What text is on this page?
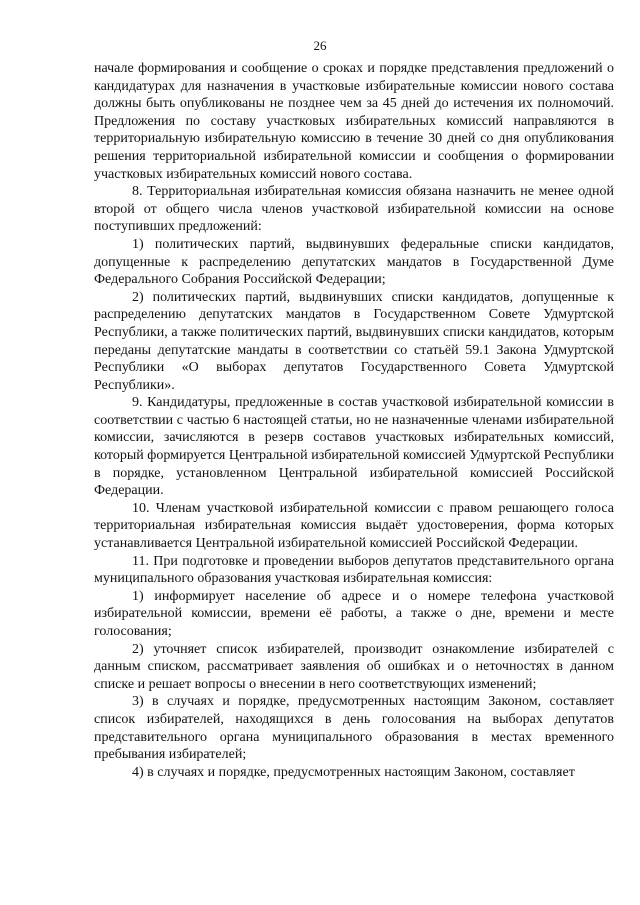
26

начале формирования и сообщение о сроках и порядке представления предложений о кандидатурах для назначения в участковые избирательные комиссии нового состава должны быть опубликованы не позднее чем за 45 дней до истечения их полномочий. Предложения по составу участковых избирательных комиссий направляются в территориальную избирательную комиссию в течение 30 дней со дня опубликования решения территориальной избирательной комиссии и сообщения о формировании участковых избирательных комиссий нового состава.

8. Территориальная избирательная комиссия обязана назначить не менее одной второй от общего числа членов участковой избирательной комиссии на основе поступивших предложений:

1) политических партий, выдвинувших федеральные списки кандидатов, допущенные к распределению депутатских мандатов в Государственной Думе Федерального Собрания Российской Федерации;

2) политических партий, выдвинувших списки кандидатов, допущенные к распределению депутатских мандатов в Государственном Совете Удмуртской Республики, а также политических партий, выдвинувших списки кандидатов, которым переданы депутатские мандаты в соответствии со статьёй 59.1 Закона Удмуртской Республики «О выборах депутатов Государственного Совета Удмуртской Республики».

9. Кандидатуры, предложенные в состав участковой избирательной комиссии в соответствии с частью 6 настоящей статьи, но не назначенные членами избирательной комиссии, зачисляются в резерв составов участковых избирательных комиссий, который формируется Центральной избирательной комиссией Удмуртской Республики в порядке, установленном Центральной избирательной комиссией Российской Федерации.

10. Членам участковой избирательной комиссии с правом решающего голоса территориальная избирательная комиссия выдаёт удостоверения, форма которых устанавливается Центральной избирательной комиссией Российской Федерации.

11. При подготовке и проведении выборов депутатов представительного органа муниципального образования участковая избирательная комиссия:

1) информирует население об адресе и о номере телефона участковой избирательной комиссии, времени её работы, а также о дне, времени и месте голосования;

2) уточняет список избирателей, производит ознакомление избирателей с данным списком, рассматривает заявления об ошибках и о неточностях в данном списке и решает вопросы о внесении в него соответствующих изменений;

3) в случаях и порядке, предусмотренных настоящим Законом, составляет список избирателей, находящихся в день голосования на выборах депутатов представительного органа муниципального образования в местах временного пребывания избирателей;

4) в случаях и порядке, предусмотренных настоящим Законом, составляет
